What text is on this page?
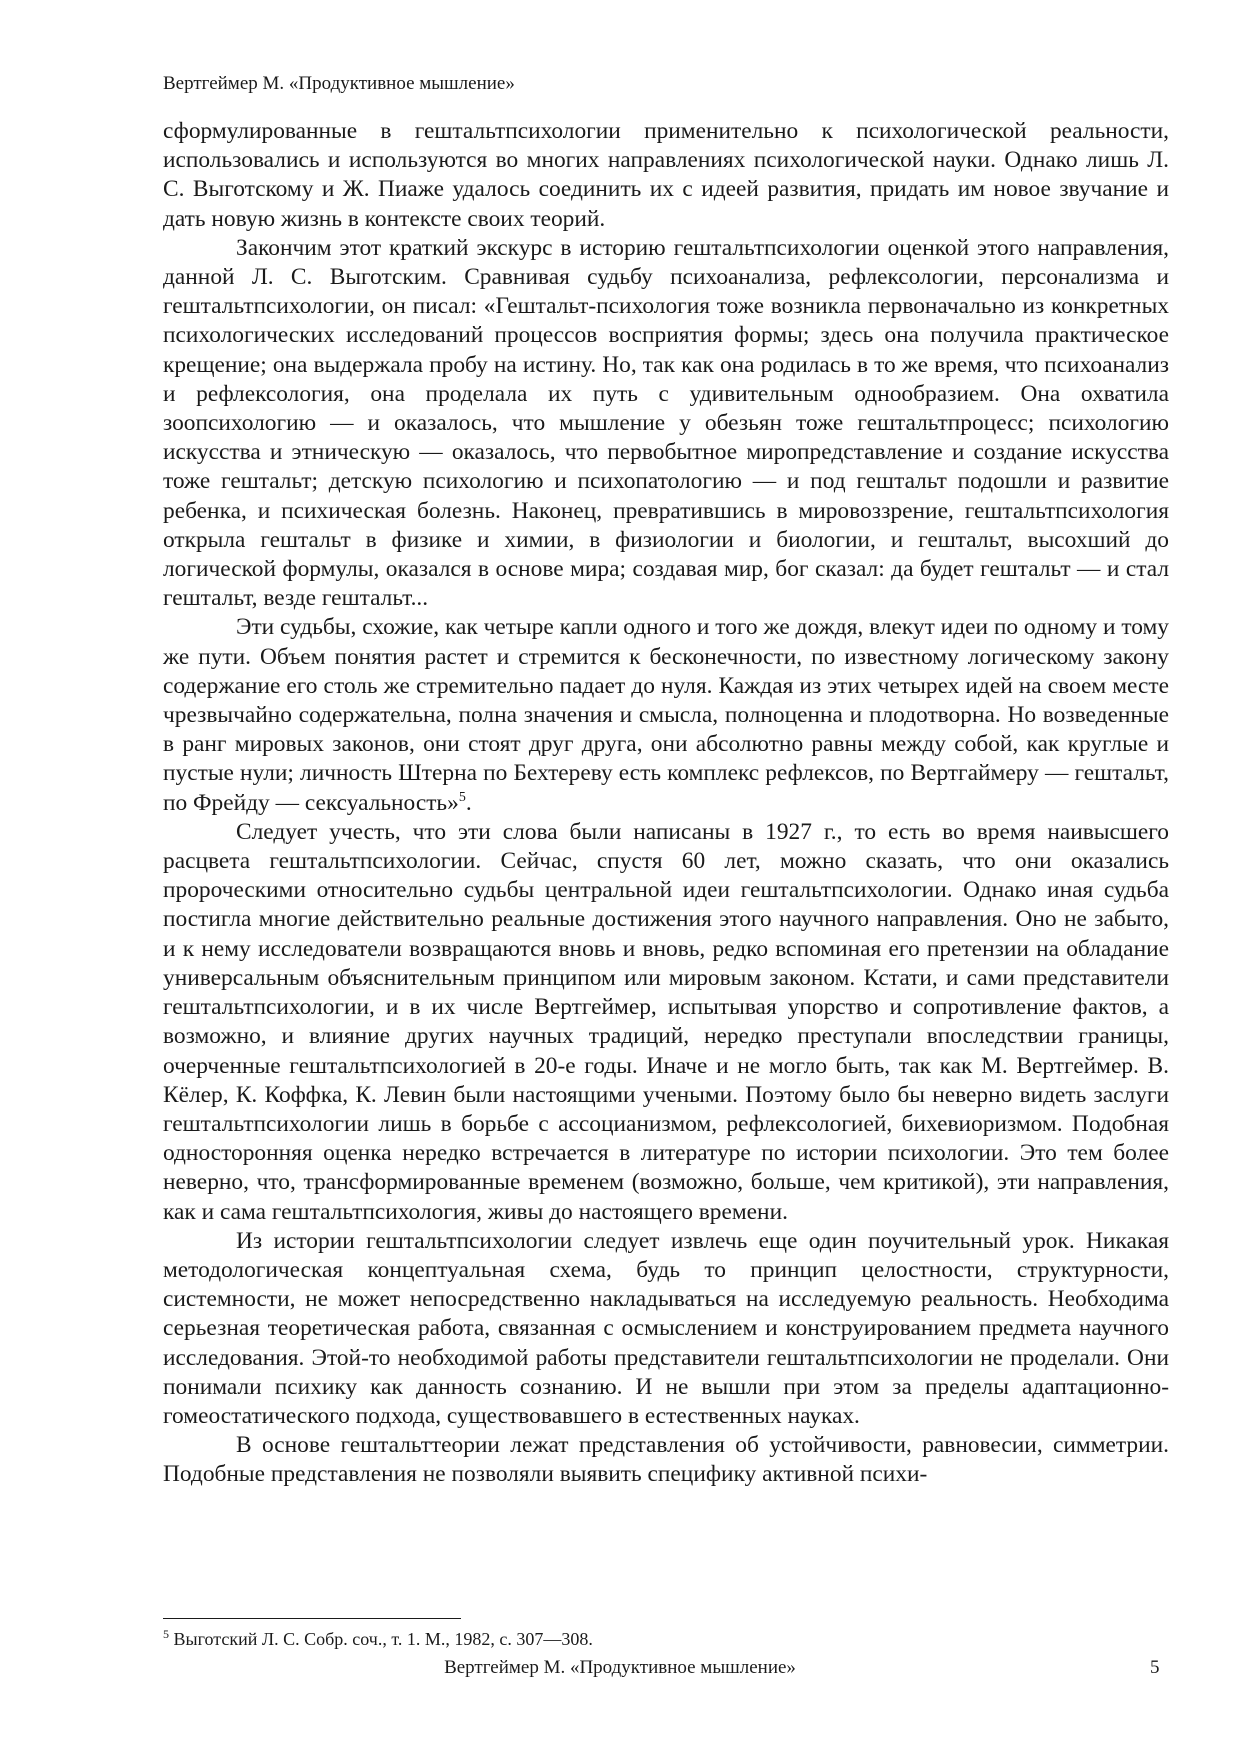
Вертгеймер М. «Продуктивное мышление»

сформулированные в гештальтпсихологии применительно к психологической реальности, использовались и используются во многих направлениях психологической науки. Однако лишь Л. С. Выготскому и Ж. Пиаже удалось соединить их с идеей развития, придать им новое звучание и дать новую жизнь в контексте своих теорий.

Закончим этот краткий экскурс в историю гештальтпсихологии оценкой этого направления, данной Л. С. Выготским. Сравнивая судьбу психоанализа, рефлексологии, персонализма и гештальтпсихологии, он писал: «Гештальт-психология тоже возникла первоначально из конкретных психологических исследований процессов восприятия формы; здесь она получила практическое крещение; она выдержала пробу на истину. Но, так как она родилась в то же время, что психоанализ и рефлексология, она проделала их путь с удивительным однообразием. Она охватила зоопсихологию — и оказалось, что мышление у обезьян тоже гештальтпроцесс; психологию искусства и этническую — оказалось, что первобытное миропредставление и создание искусства тоже гештальт; детскую психологию и психопатологию — и под гештальт подошли и развитие ребенка, и психическая болезнь. Наконец, превратившись в мировоззрение, гештальтпсихология открыла гештальт в физике и химии, в физиологии и биологии, и гештальт, высохший до логической формулы, оказался в основе мира; создавая мир, бог сказал: да будет гештальт — и стал гештальт, везде гештальт...

Эти судьбы, схожие, как четыре капли одного и того же дождя, влекут идеи по одному и тому же пути. Объем понятия растет и стремится к бесконечности, по известному логическому закону содержание его столь же стремительно падает до нуля. Каждая из этих четырех идей на своем месте чрезвычайно содержательна, полна значения и смысла, полноценна и плодотворна. Но возведенные в ранг мировых законов, они стоят друг друга, они абсолютно равны между собой, как круглые и пустые нули; личность Штерна по Бехтереву есть комплекс рефлексов, по Вертгаймеру — гештальт, по Фрейду — сексуальность»$^5$.

Следует учесть, что эти слова были написаны в 1927 г., то есть во время наивысшего расцвета гештальтпсихологии. Сейчас, спустя 60 лет, можно сказать, что они оказались пророческими относительно судьбы центральной идеи гештальтпсихологии. Однако иная судьба постигла многие действительно реальные достижения этого научного направления. Оно не забыто, и к нему исследователи возвращаются вновь и вновь, редко вспоминая его претензии на обладание универсальным объяснительным принципом или мировым законом. Кстати, и сами представители гештальтпсихологии, и в их числе Вертгеймер, испытывая упорство и сопротивление фактов, а возможно, и влияние других научных традиций, нередко преступали впоследствии границы, очерченные гештальтпсихологией в 20-е годы. Иначе и не могло быть, так как М. Вертгеймер. В. Кёлер, К. Коффка, К. Левин были настоящими учеными. Поэтому было бы неверно видеть заслуги гештальтпсихологии лишь в борьбе с ассоцианизмом, рефлексологией, бихевиоризмом. Подобная односторонняя оценка нередко встречается в литературе по истории психологии. Это тем более неверно, что, трансформированные временем (возможно, больше, чем критикой), эти направления, как и сама гештальтпсихология, живы до настоящего времени.

Из истории гештальтпсихологии следует извлечь еще один поучительный урок. Никакая методологическая концептуальная схема, будь то принцип целостности, структурности, системности, не может непосредственно накладываться на исследуемую реальность. Необходима серьезная теоретическая работа, связанная с осмыслением и конструированием предмета научного исследования. Этой-то необходимой работы представители гештальтпсихологии не проделали. Они понимали психику как данность сознанию. И не вышли при этом за пределы адаптационно-гомеостатического подхода, существовавшего в естественных науках.

В основе гештальттеории лежат представления об устойчивости, равновесии, симметрии. Подобные представления не позволяли выявить специфику активной психи-

$^5$ Выготский Л. С. Собр. соч., т. 1. М., 1982, с. 307—308.
Вертгеймер М. «Продуктивное мышление»	5
